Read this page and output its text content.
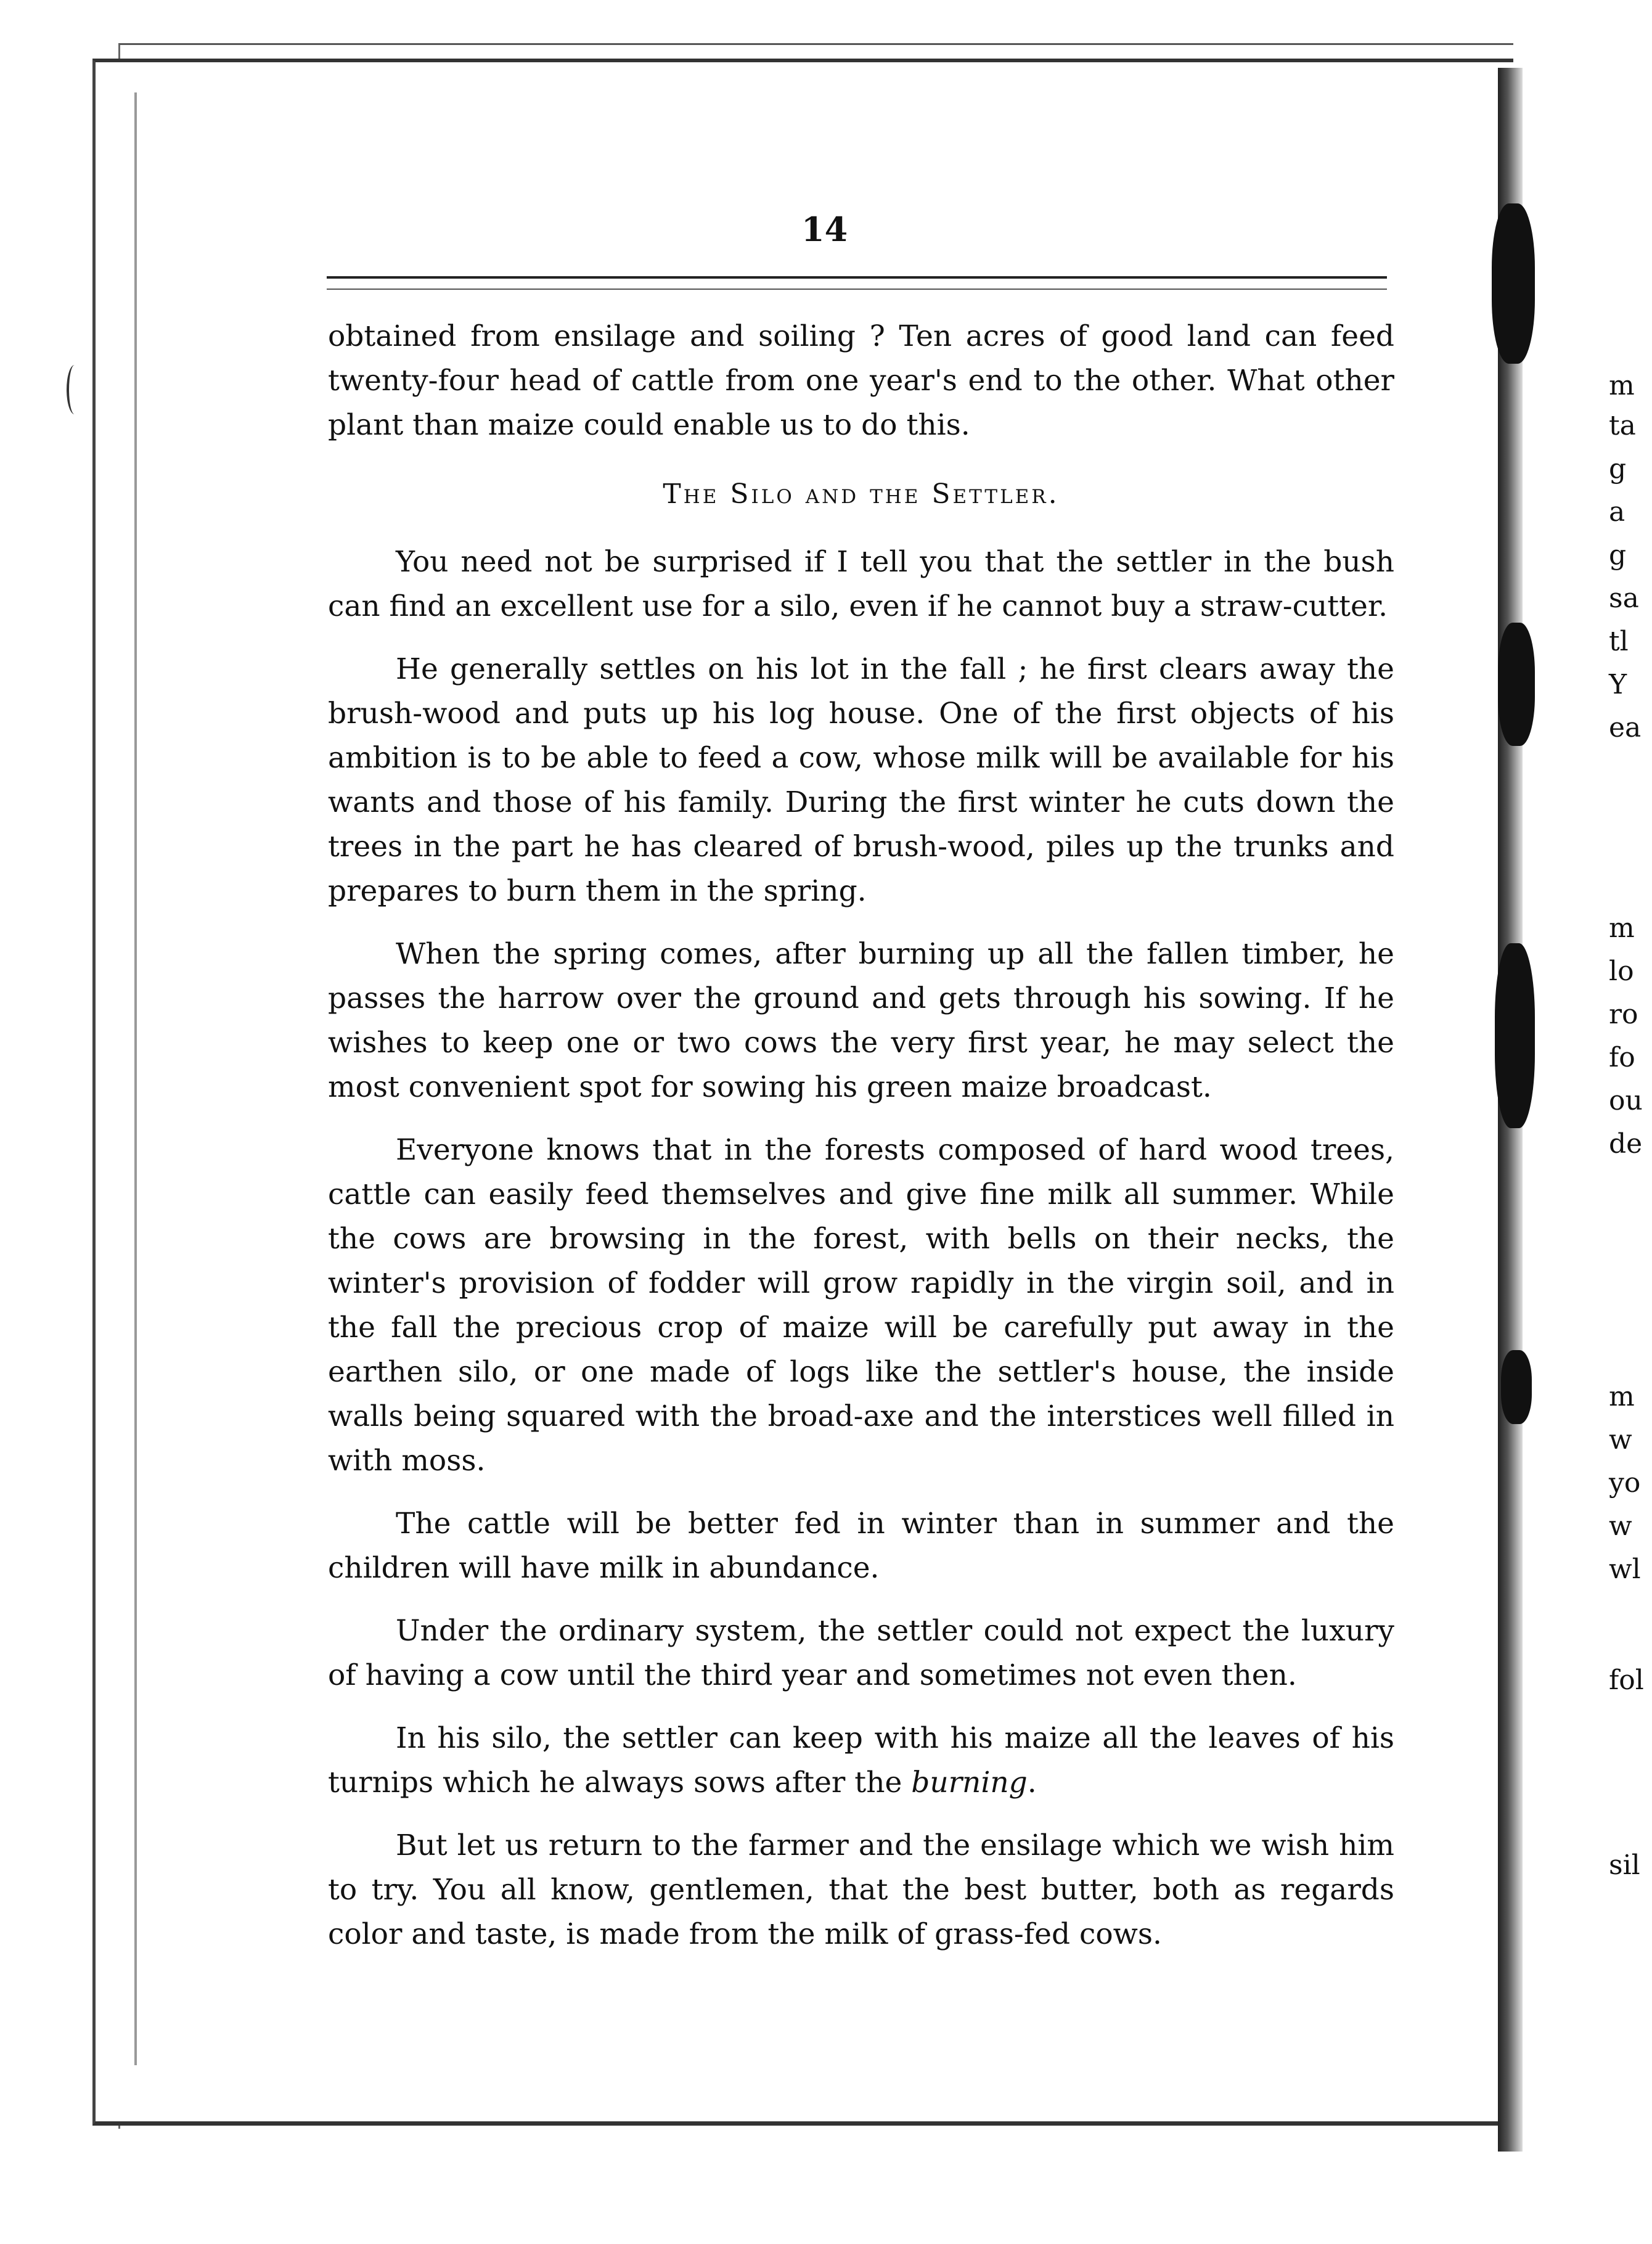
m
ta
g
a
g
sa
tl
Y
ea
m
lo
ro
fo
ou
de
m
w
yo
w
wl
fol
sil
14

obtained from ensilage and soiling ? Ten acres of good land can feed twenty-four head of cattle from one year's end to the other. What other plant than maize could enable us to do this.

The Silo and the Settler.

You need not be surprised if I tell you that the settler in the bush can find an excellent use for a silo, even if he cannot buy a straw-cutter.

He generally settles on his lot in the fall ; he first clears away the brush-wood and puts up his log house. One of the first objects of his ambition is to be able to feed a cow, whose milk will be available for his wants and those of his family. During the first winter he cuts down the trees in the part he has cleared of brush-wood, piles up the trunks and prepares to burn them in the spring.

When the spring comes, after burning up all the fallen timber, he passes the harrow over the ground and gets through his sowing. If he wishes to keep one or two cows the very first year, he may select the most convenient spot for sowing his green maize broadcast.

Everyone knows that in the forests composed of hard wood trees, cattle can easily feed themselves and give fine milk all summer. While the cows are browsing in the forest, with bells on their necks, the winter's provision of fodder will grow rapidly in the virgin soil, and in the fall the precious crop of maize will be carefully put away in the earthen silo, or one made of logs like the settler's house, the inside walls being squared with the broad-axe and the interstices well filled in with moss.

The cattle will be better fed in winter than in summer and the children will have milk in abundance.

Under the ordinary system, the settler could not expect the luxury of having a cow until the third year and sometimes not even then.

In his silo, the settler can keep with his maize all the leaves of his turnips which he always sows after the burning.

But let us return to the farmer and the ensilage which we wish him to try. You all know, gentlemen, that the best butter, both as regards color and taste, is made from the milk of grass-fed cows.
